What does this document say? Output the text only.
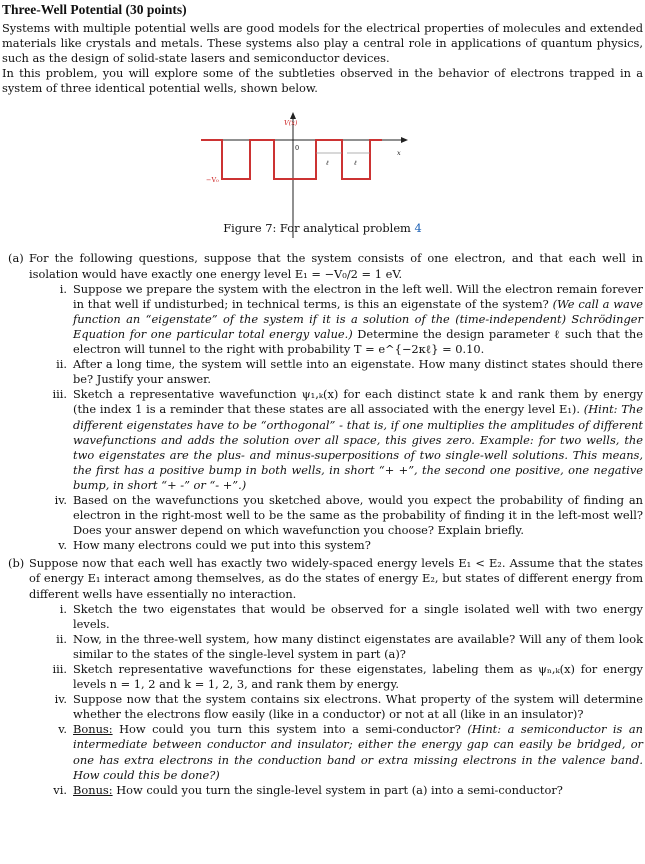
Three-Well Potential (30 points)

Systems with multiple potential wells are good models for the electrical properties of molecules and extended materials like crystals and metals. These systems also play a central role in applications of quantum physics, such as the design of solid-state lasers and semiconductor devices.

In this problem, you will explore some of the subtleties observed in the behavior of electrons trapped in a system of three identical potential wells, shown below.

V(x)
0
x
ℓ	ℓ
−V₀
Figure 7: For analytical problem 4
(a) For the following questions, suppose that the system consists of one electron, and that each well in isolation would have exactly one energy level E₁ = −V₀/2 = 1 eV.
i. Suppose we prepare the system with the electron in the left well. Will the electron remain forever in that well if undisturbed; in technical terms, is this an eigenstate of the system? (We call a wave function an “eigenstate” of the system if it is a solution of the (time-independent) Schrödinger Equation for one particular total energy value.) Determine the design parameter ℓ such that the electron will tunnel to the right with probability T = e^{−2κℓ} = 0.10.
ii. After a long time, the system will settle into an eigenstate. How many distinct states should there be? Justify your answer.
iii. Sketch a representative wavefunction ψ₁,ₖ(x) for each distinct state k and rank them by energy (the index 1 is a reminder that these states are all associated with the energy level E₁). (Hint: The different eigenstates have to be “orthogonal” - that is, if one multiplies the amplitudes of different wavefunctions and adds the solution over all space, this gives zero. Example: for two wells, the two eigenstates are the plus- and minus-superpositions of two single-well solutions. This means, the first has a positive bump in both wells, in short “+ +”, the second one positive, one negative bump, in short “+ -” or “- +”.)
iv. Based on the wavefunctions you sketched above, would you expect the probability of finding an electron in the right-most well to be the same as the probability of finding it in the left-most well? Does your answer depend on which wavefunction you choose? Explain briefly.
v. How many electrons could we put into this system?
(b) Suppose now that each well has exactly two widely-spaced energy levels E₁ < E₂. Assume that the states of energy E₁ interact among themselves, as do the states of energy E₂, but states of different energy from different wells have essentially no interaction.
i. Sketch the two eigenstates that would be observed for a single isolated well with two energy levels.
ii. Now, in the three-well system, how many distinct eigenstates are available? Will any of them look similar to the states of the single-level system in part (a)?
iii. Sketch representative wavefunctions for these eigenstates, labeling them as ψₙ,ₖ(x) for energy levels n = 1, 2 and k = 1, 2, 3, and rank them by energy.
iv. Suppose now that the system contains six electrons. What property of the system will determine whether the electrons flow easily (like in a conductor) or not at all (like in an insulator)?
v. Bonus: How could you turn this system into a semi-conductor? (Hint: a semiconductor is an intermediate between conductor and insulator; either the energy gap can easily be bridged, or one has extra electrons in the conduction band or extra missing electrons in the valence band. How could this be done?)
vi. Bonus: How could you turn the single-level system in part (a) into a semi-conductor?
